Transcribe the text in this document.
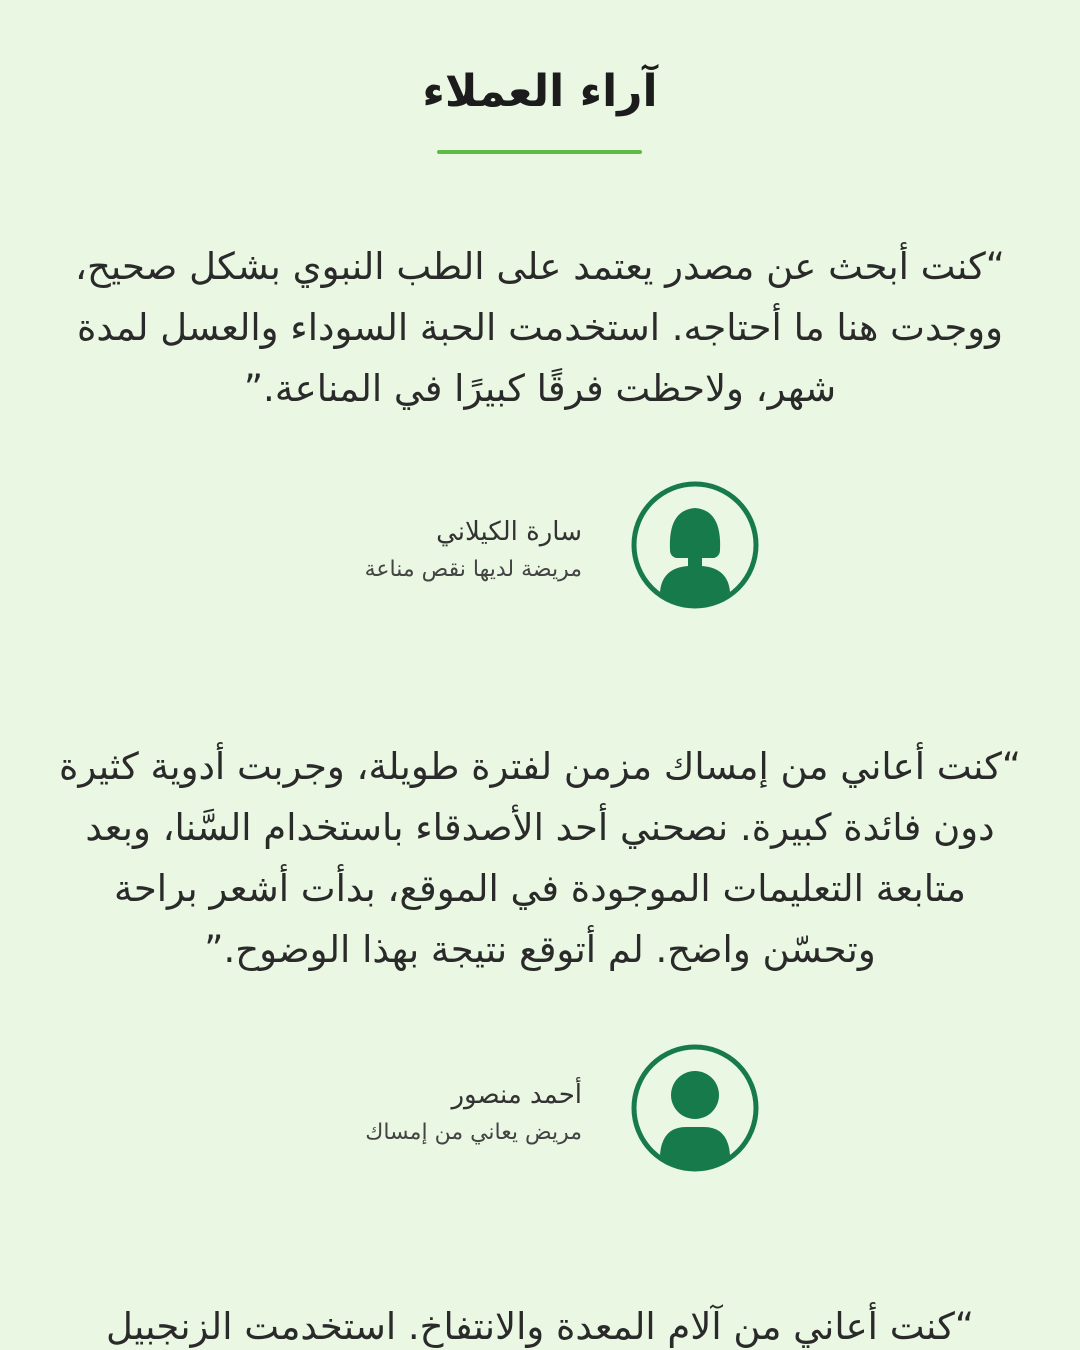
آراء العملاء

“كنت أبحث عن مصدر يعتمد على الطب النبوي بشكل صحيح، ووجدت هنا ما أحتاجه. استخدمت الحبة السوداء والعسل لمدة شهر، ولاحظت فرقًا كبيرًا في المناعة.”

سارة الكيلاني
مريضة لديها نقص مناعة

“كنت أعاني من إمساك مزمن لفترة طويلة، وجربت أدوية كثيرة دون فائدة كبيرة. نصحني أحد الأصدقاء باستخدام السَّنا، وبعد متابعة التعليمات الموجودة في الموقع، بدأت أشعر براحة وتحسّن واضح. لم أتوقع نتيجة بهذا الوضوح.”

أحمد منصور
مريض يعاني من إمساك

“كنت أعاني من آلام المعدة والانتفاخ. استخدمت الزنجبيل
